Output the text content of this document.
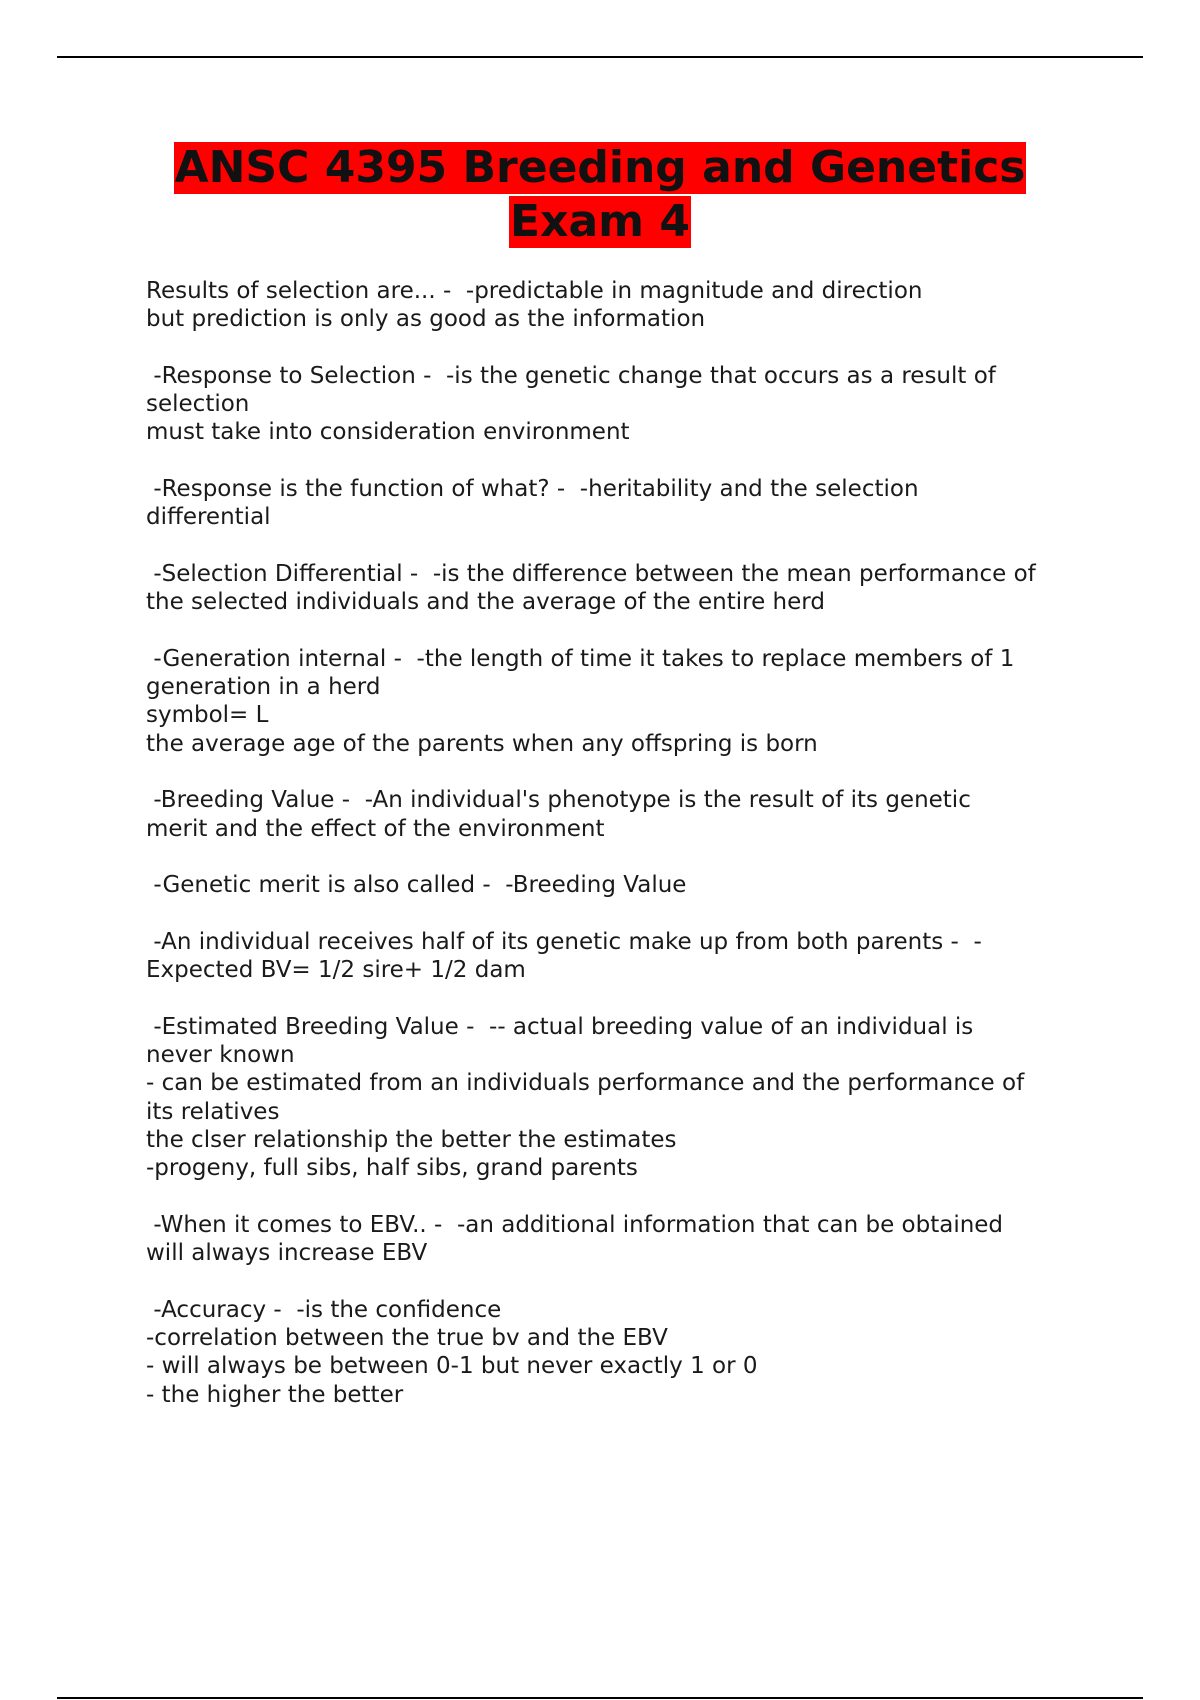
ANSC 4395 Breeding and Genetics
Exam 4
Results of selection are... -  -predictable in magnitude and direction
but prediction is only as good as the information
-Response to Selection -  -is the genetic change that occurs as a result of
selection
must take into consideration environment
-Response is the function of what? -  -heritability and the selection
differential
-Selection Differential -  -is the difference between the mean performance of
the selected individuals and the average of the entire herd
-Generation internal -  -the length of time it takes to replace members of 1
generation in a herd
symbol= L
the average age of the parents when any offspring is born
-Breeding Value -  -An individual's phenotype is the result of its genetic
merit and the effect of the environment
-Genetic merit is also called -  -Breeding Value
-An individual receives half of its genetic make up from both parents -  -
Expected BV= 1/2 sire+ 1/2 dam
-Estimated Breeding Value -  -- actual breeding value of an individual is
never known
- can be estimated from an individuals performance and the performance of
its relatives
the clser relationship the better the estimates
-progeny, full sibs, half sibs, grand parents
-When it comes to EBV.. -  -an additional information that can be obtained
will always increase EBV
-Accuracy -  -is the confidence
-correlation between the true bv and the EBV
- will always be between 0-1 but never exactly 1 or 0
- the higher the better
